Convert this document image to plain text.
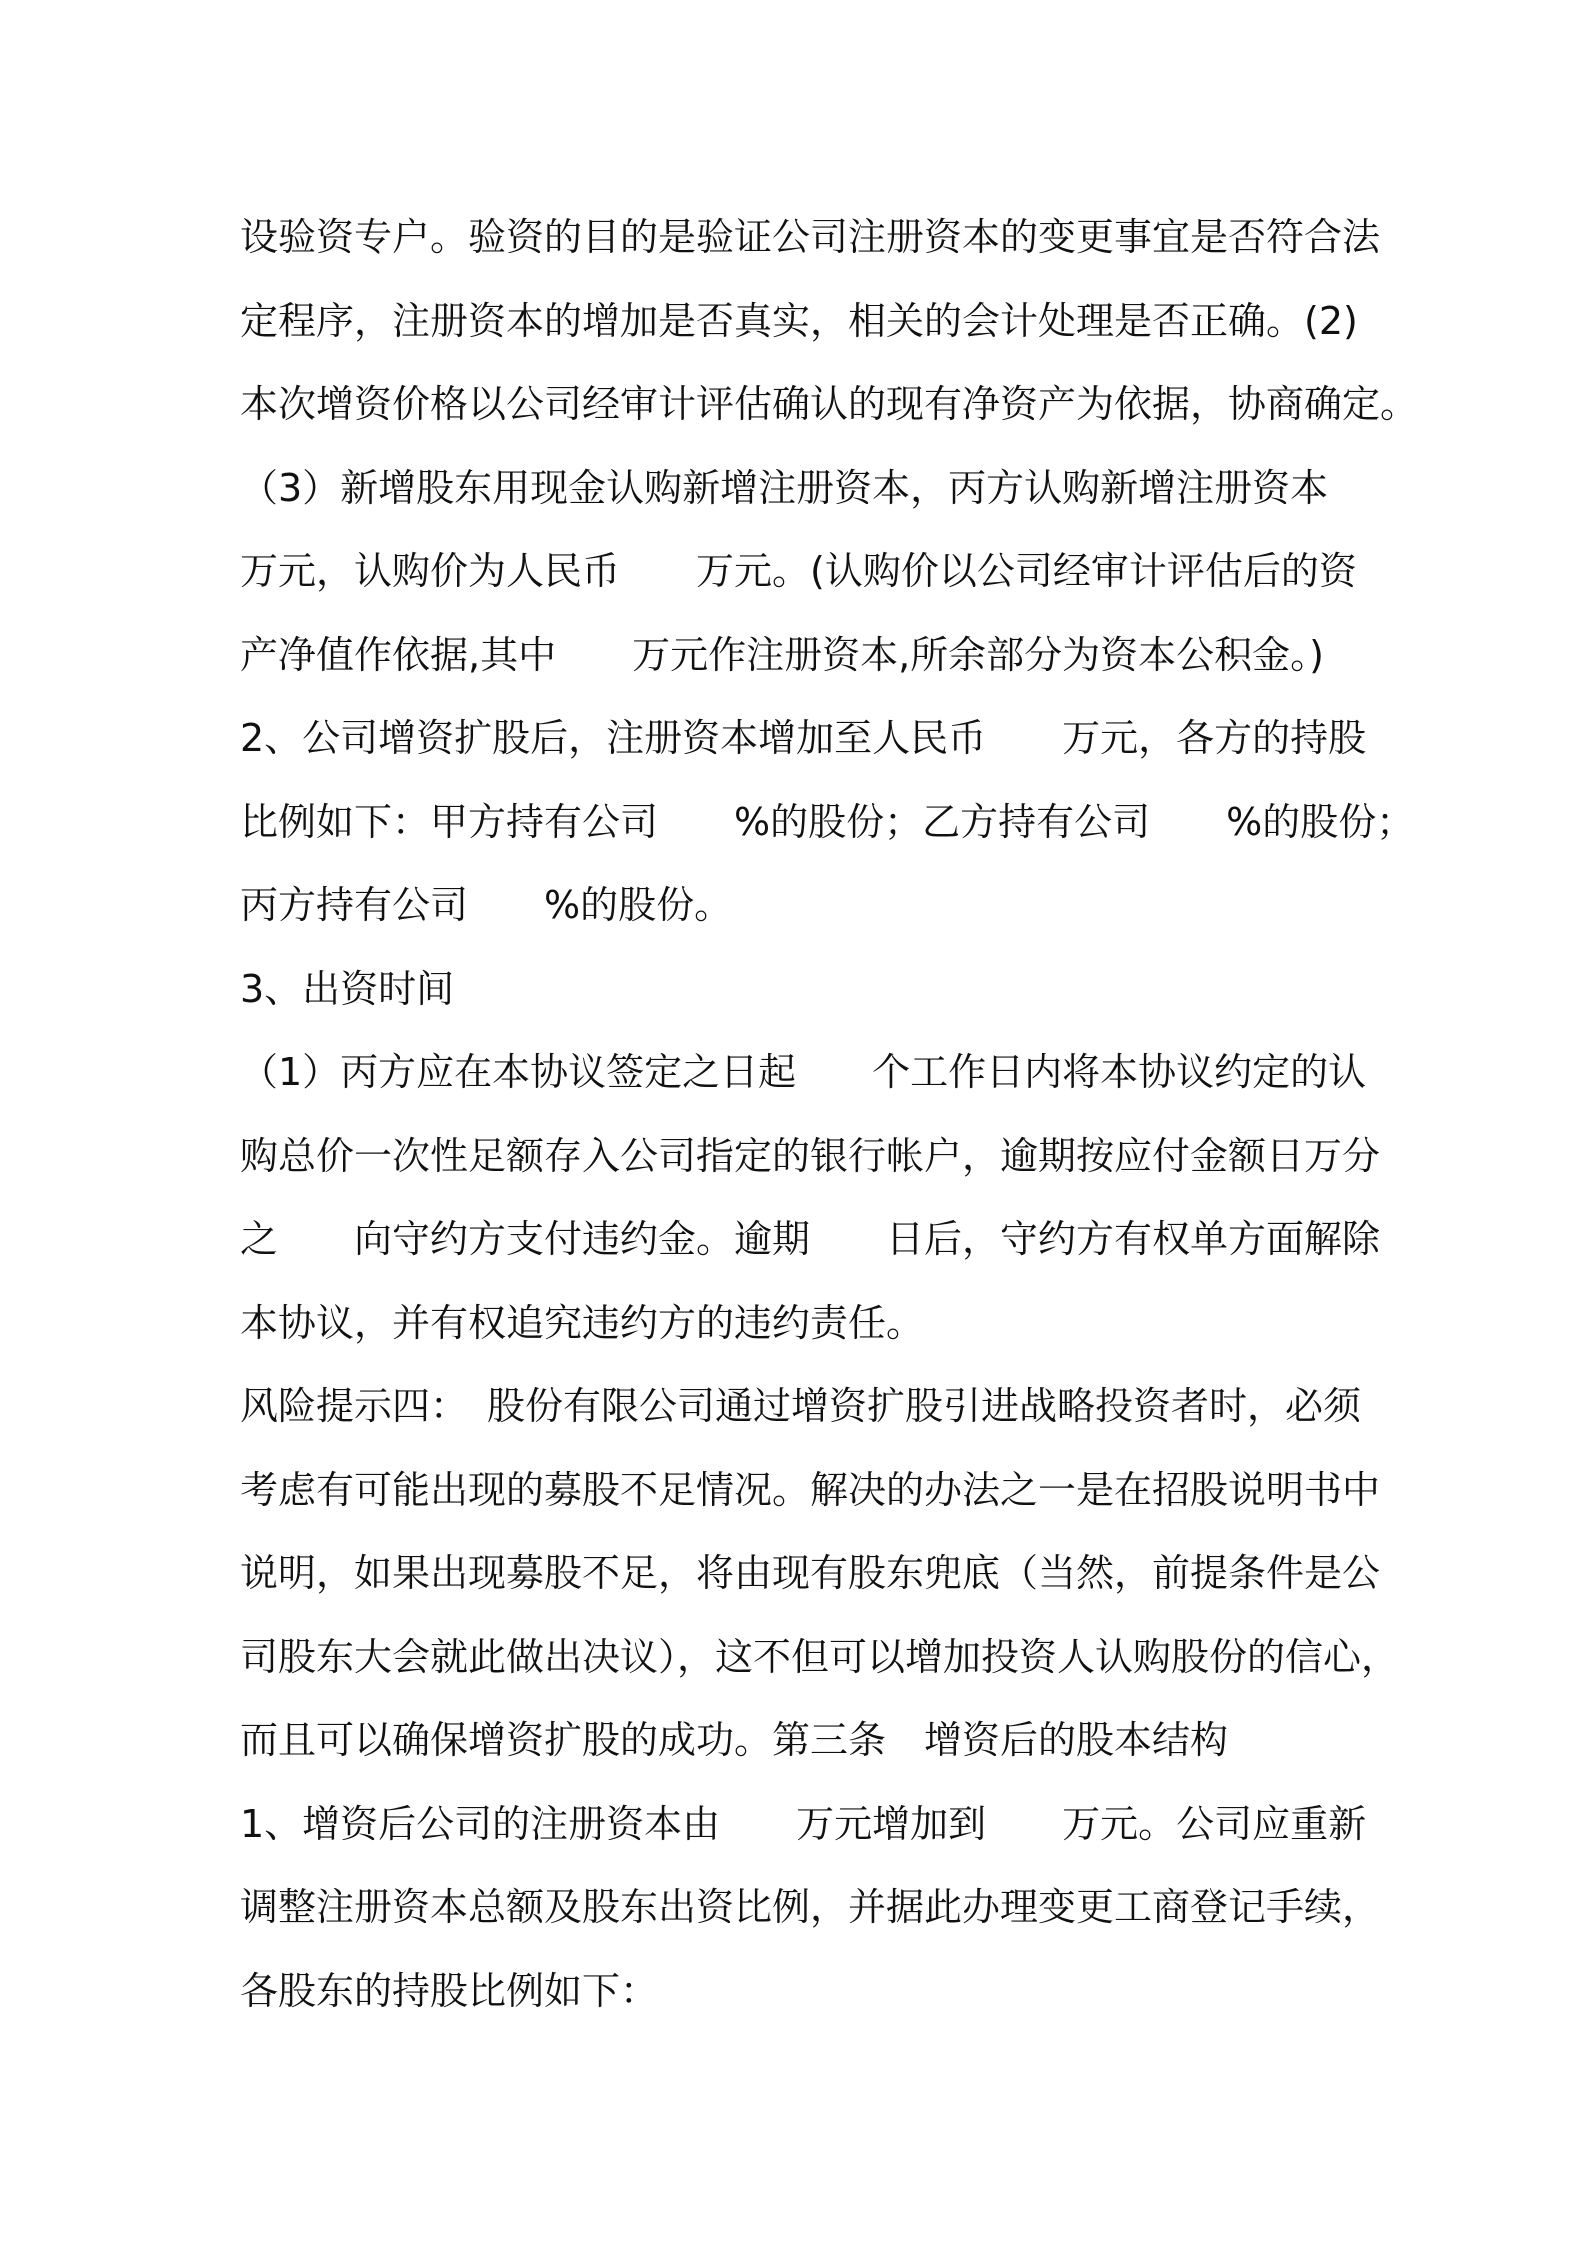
设验资专户。验资的目的是验证公司注册资本的变更事宜是否符合法
定程序，注册资本的增加是否真实，相关的会计处理是否正确。(2)
本次增资价格以公司经审计评估确认的现有净资产为依据，协商确定。
（3）新增股东用现金认购新增注册资本，丙方认购新增注册资本
万元，认购价为人民币　　万元。(认购价以公司经审计评估后的资
产净值作依据,其中　　万元作注册资本,所余部分为资本公积金。)
2、公司增资扩股后，注册资本增加至人民币　　万元，各方的持股
比例如下：甲方持有公司　　%的股份；乙方持有公司　　%的股份；
丙方持有公司　　%的股份。
3、出资时间
（1）丙方应在本协议签定之日起　　个工作日内将本协议约定的认
购总价一次性足额存入公司指定的银行帐户，逾期按应付金额日万分
之　　向守约方支付违约金。逾期　　日后，守约方有权单方面解除
本协议，并有权追究违约方的违约责任。
风险提示四：　股份有限公司通过增资扩股引进战略投资者时，必须
考虑有可能出现的募股不足情况。解决的办法之一是在招股说明书中
说明，如果出现募股不足，将由现有股东兜底（当然，前提条件是公
司股东大会就此做出决议），这不但可以增加投资人认购股份的信心，
而且可以确保增资扩股的成功。第三条　增资后的股本结构
1、增资后公司的注册资本由　　万元增加到　　万元。公司应重新
调整注册资本总额及股东出资比例，并据此办理变更工商登记手续，
各股东的持股比例如下：
